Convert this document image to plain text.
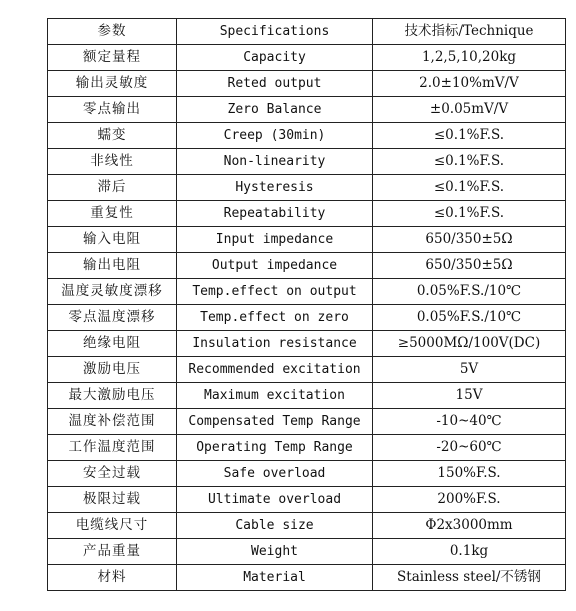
参数	Specifications	技术指标/Technique
额定量程	Capacity	1,2,5,10,20kg
输出灵敏度	Reted output	2.0±10%mV/V
零点输出	Zero Balance	±0.05mV/V
蠕变	Creep (30min)	≤0.1%F.S.
非线性	Non-linearity	≤0.1%F.S.
滞后	Hysteresis	≤0.1%F.S.
重复性	Repeatability	≤0.1%F.S.
输入电阻	Input impedance	650/350±5Ω
输出电阻	Output impedance	650/350±5Ω
温度灵敏度漂移	Temp.effect on output	0.05%F.S./10℃
零点温度漂移	Temp.effect on zero	0.05%F.S./10℃
绝缘电阻	Insulation resistance	≥5000MΩ/100V(DC)
激励电压	Recommended excitation	5V
最大激励电压	Maximum excitation	15V
温度补偿范围	Compensated Temp Range	-10~40℃
工作温度范围	Operating Temp Range	-20~60℃
安全过载	Safe overload	150%F.S.
极限过载	Ultimate overload	200%F.S.
电缆线尺寸	Cable size	Φ2x3000mm
产品重量	Weight	0.1kg
材料	Material	Stainless steel/不锈钢
